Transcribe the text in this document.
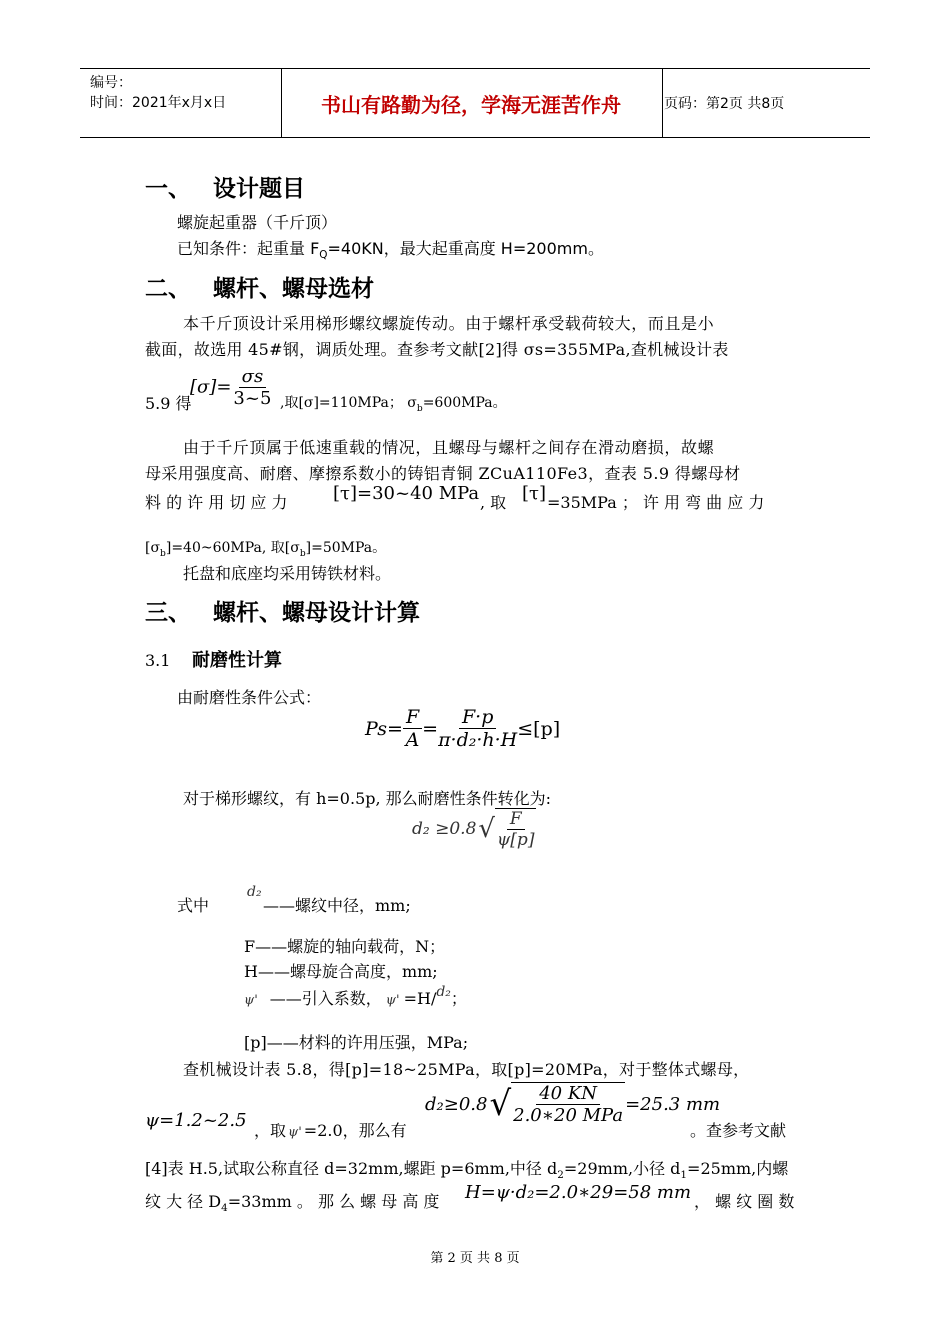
编号：
时间：2021年x月x日	书山有路勤为径，学海无涯苦作舟	页码：第2页 共8页
一、 设计题目
螺旋起重器（千斤顶）
已知条件：起重量 $F_Q=40KN$，最大起重高度 H=200mm。
二、 螺杆、螺母选材
本千斤顶设计采用梯形螺纹螺旋传动。由于螺杆承受载荷较大，而且是小
截面，故选用 45#钢，调质处理。查参考文献[2]得 σs=355MPa,查机械设计表
5.9 得
$[\sigma]= \frac{\sigma s}{3\sim 5}$ ,取[σ]=110MPa； $\sigma_b=600MPa$。
由于千斤顶属于低速重载的情况，且螺母与螺杆之间存在滑动磨损，故螺
母采用强度高、耐磨、摩擦系数小的铸铝青铜 ZCuA110Fe3，查表 5.9 得螺母材
料 的 许 用 切 应 力	[τ]=30~40 MPa , 取 [τ] =35MPa ； 许 用 弯 曲 应 力
$[\sigma_b]=40\sim 60MPa$, 取$[\sigma_b]=50MPa$。
托盘和底座均采用铸铁材料。
三、 螺杆、螺母设计计算
3.1 耐磨性计算
由耐磨性条件公式：
$Ps= \frac{F}{A} = \frac{F\cdot p}{\text{π·d₂·h·H}} \le[p]$
对于梯形螺纹，有 h=0.5p, 那么耐磨性条件转化为:
d₂ ≥0.8 √ $\frac{F}{\psi[p]}$
式中
d₂
——螺纹中径，mm;
F——螺旋的轴向载荷，N；
H——螺母旋合高度，mm;
ψ' ——引入系数， ψ' =H/ d₂ ；
[p]——材料的许用压强，MPa;
查机械设计表 5.8，得[p]=18~25MPa，取[p]=20MPa，对于整体式螺母，
ψ=1.2~2.5 ，取 ψ' =2.0，那么有
d₂≥0.8 √ $\frac{40 KN}{\text{2.0∗20 MPa}} =25.3$ mm
。查参考文献
[4]表 H.5,试取公称直径 d=32mm,螺距 p=6mm,中径 $d_2=29mm$,小径 $d_1=25mm$,内螺
纹 大 径 $D_4=33mm$ 。 那 么 螺 母 高 度 H=ψ·d₂=2.0∗29=58 mm ， 螺 纹 圈 数
第 2 页 共 8 页
